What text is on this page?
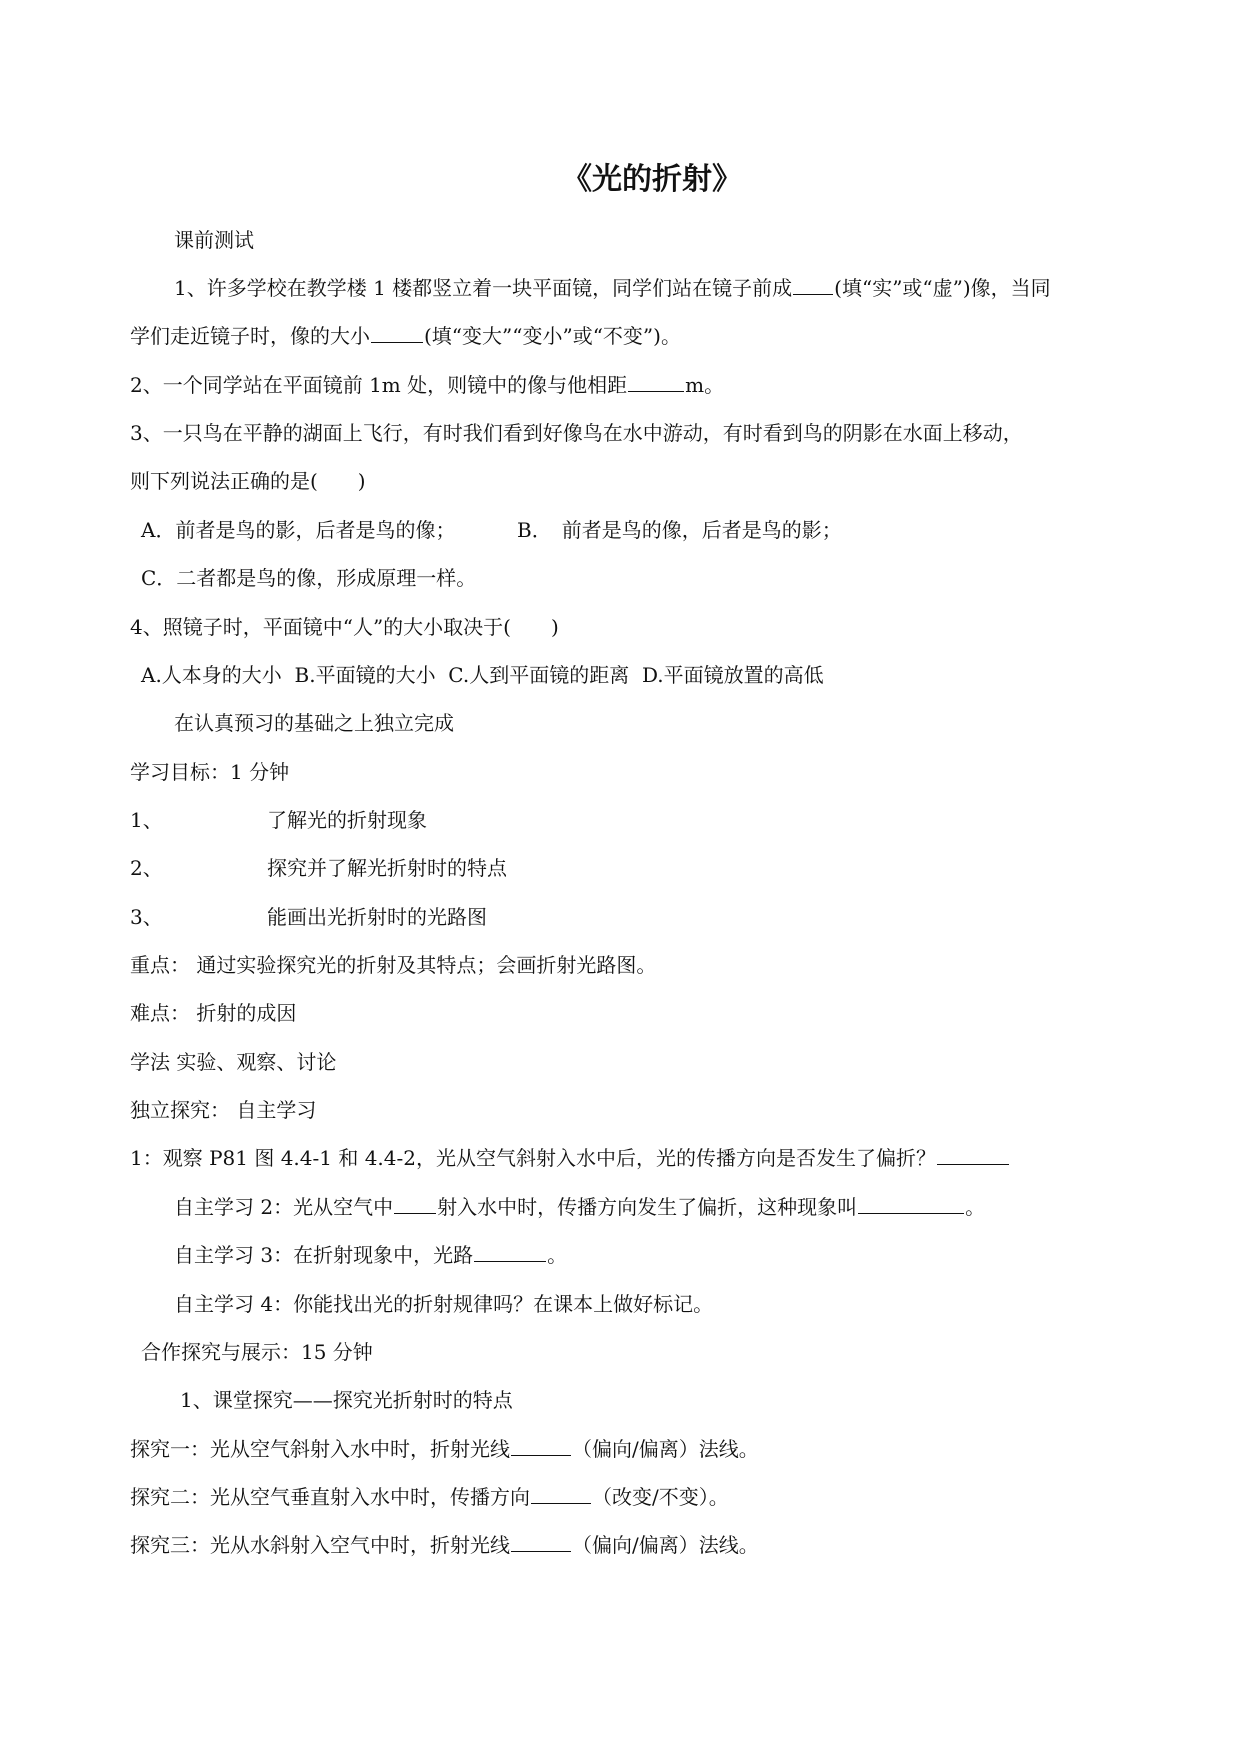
《光的折射》
课前测试
1、许多学校在教学楼 1 楼都竖立着一块平面镜，同学们站在镜子前成 (填“实”或“虚”)像，当同
学们走近镜子时，像的大小	(填“变大”“变小”或“不变”)。
2、一个同学站在平面镜前 1m 处，则镜中的像与他相距	m。
3、一只鸟在平静的湖面上飞行，有时我们看到好像鸟在水中游动，有时看到鸟的阴影在水面上移动，
则下列说法正确的是(　　)
A．前者是鸟的影，后者是鸟的像；	B．　前者是鸟的像，后者是鸟的影；
C．二者都是鸟的像，形成原理一样。
4、照镜子时，平面镜中“人”的大小取决于(　　)
A.人本身的大小  B.平面镜的大小  C.人到平面镜的距离  D.平面镜放置的高低
在认真预习的基础之上独立完成
学习目标：1 分钟
1、	了解光的折射现象
2、	探究并了解光折射时的特点
3、	能画出光折射时的光路图
重点： 通过实验探究光的折射及其特点；会画折射光路图。
难点： 折射的成因
学法 实验、观察、讨论
独立探究： 自主学习
1：观察 P81 图 4.4-1 和 4.4-2，光从空气斜射入水中后，光的传播方向是否发生了偏折？
自主学习 2：光从空气中 射入水中时，传播方向发生了偏折，这种现象叫	。
自主学习 3：在折射现象中，光路	。
自主学习 4：你能找出光的折射规律吗？在课本上做好标记。
合作探究与展示：15 分钟
1、课堂探究——探究光折射时的特点
探究一：光从空气斜射入水中时，折射光线	（偏向/偏离）法线。
探究二：光从空气垂直射入水中时，传播方向	（改变/不变）。
探究三：光从水斜射入空气中时，折射光线	（偏向/偏离）法线。
